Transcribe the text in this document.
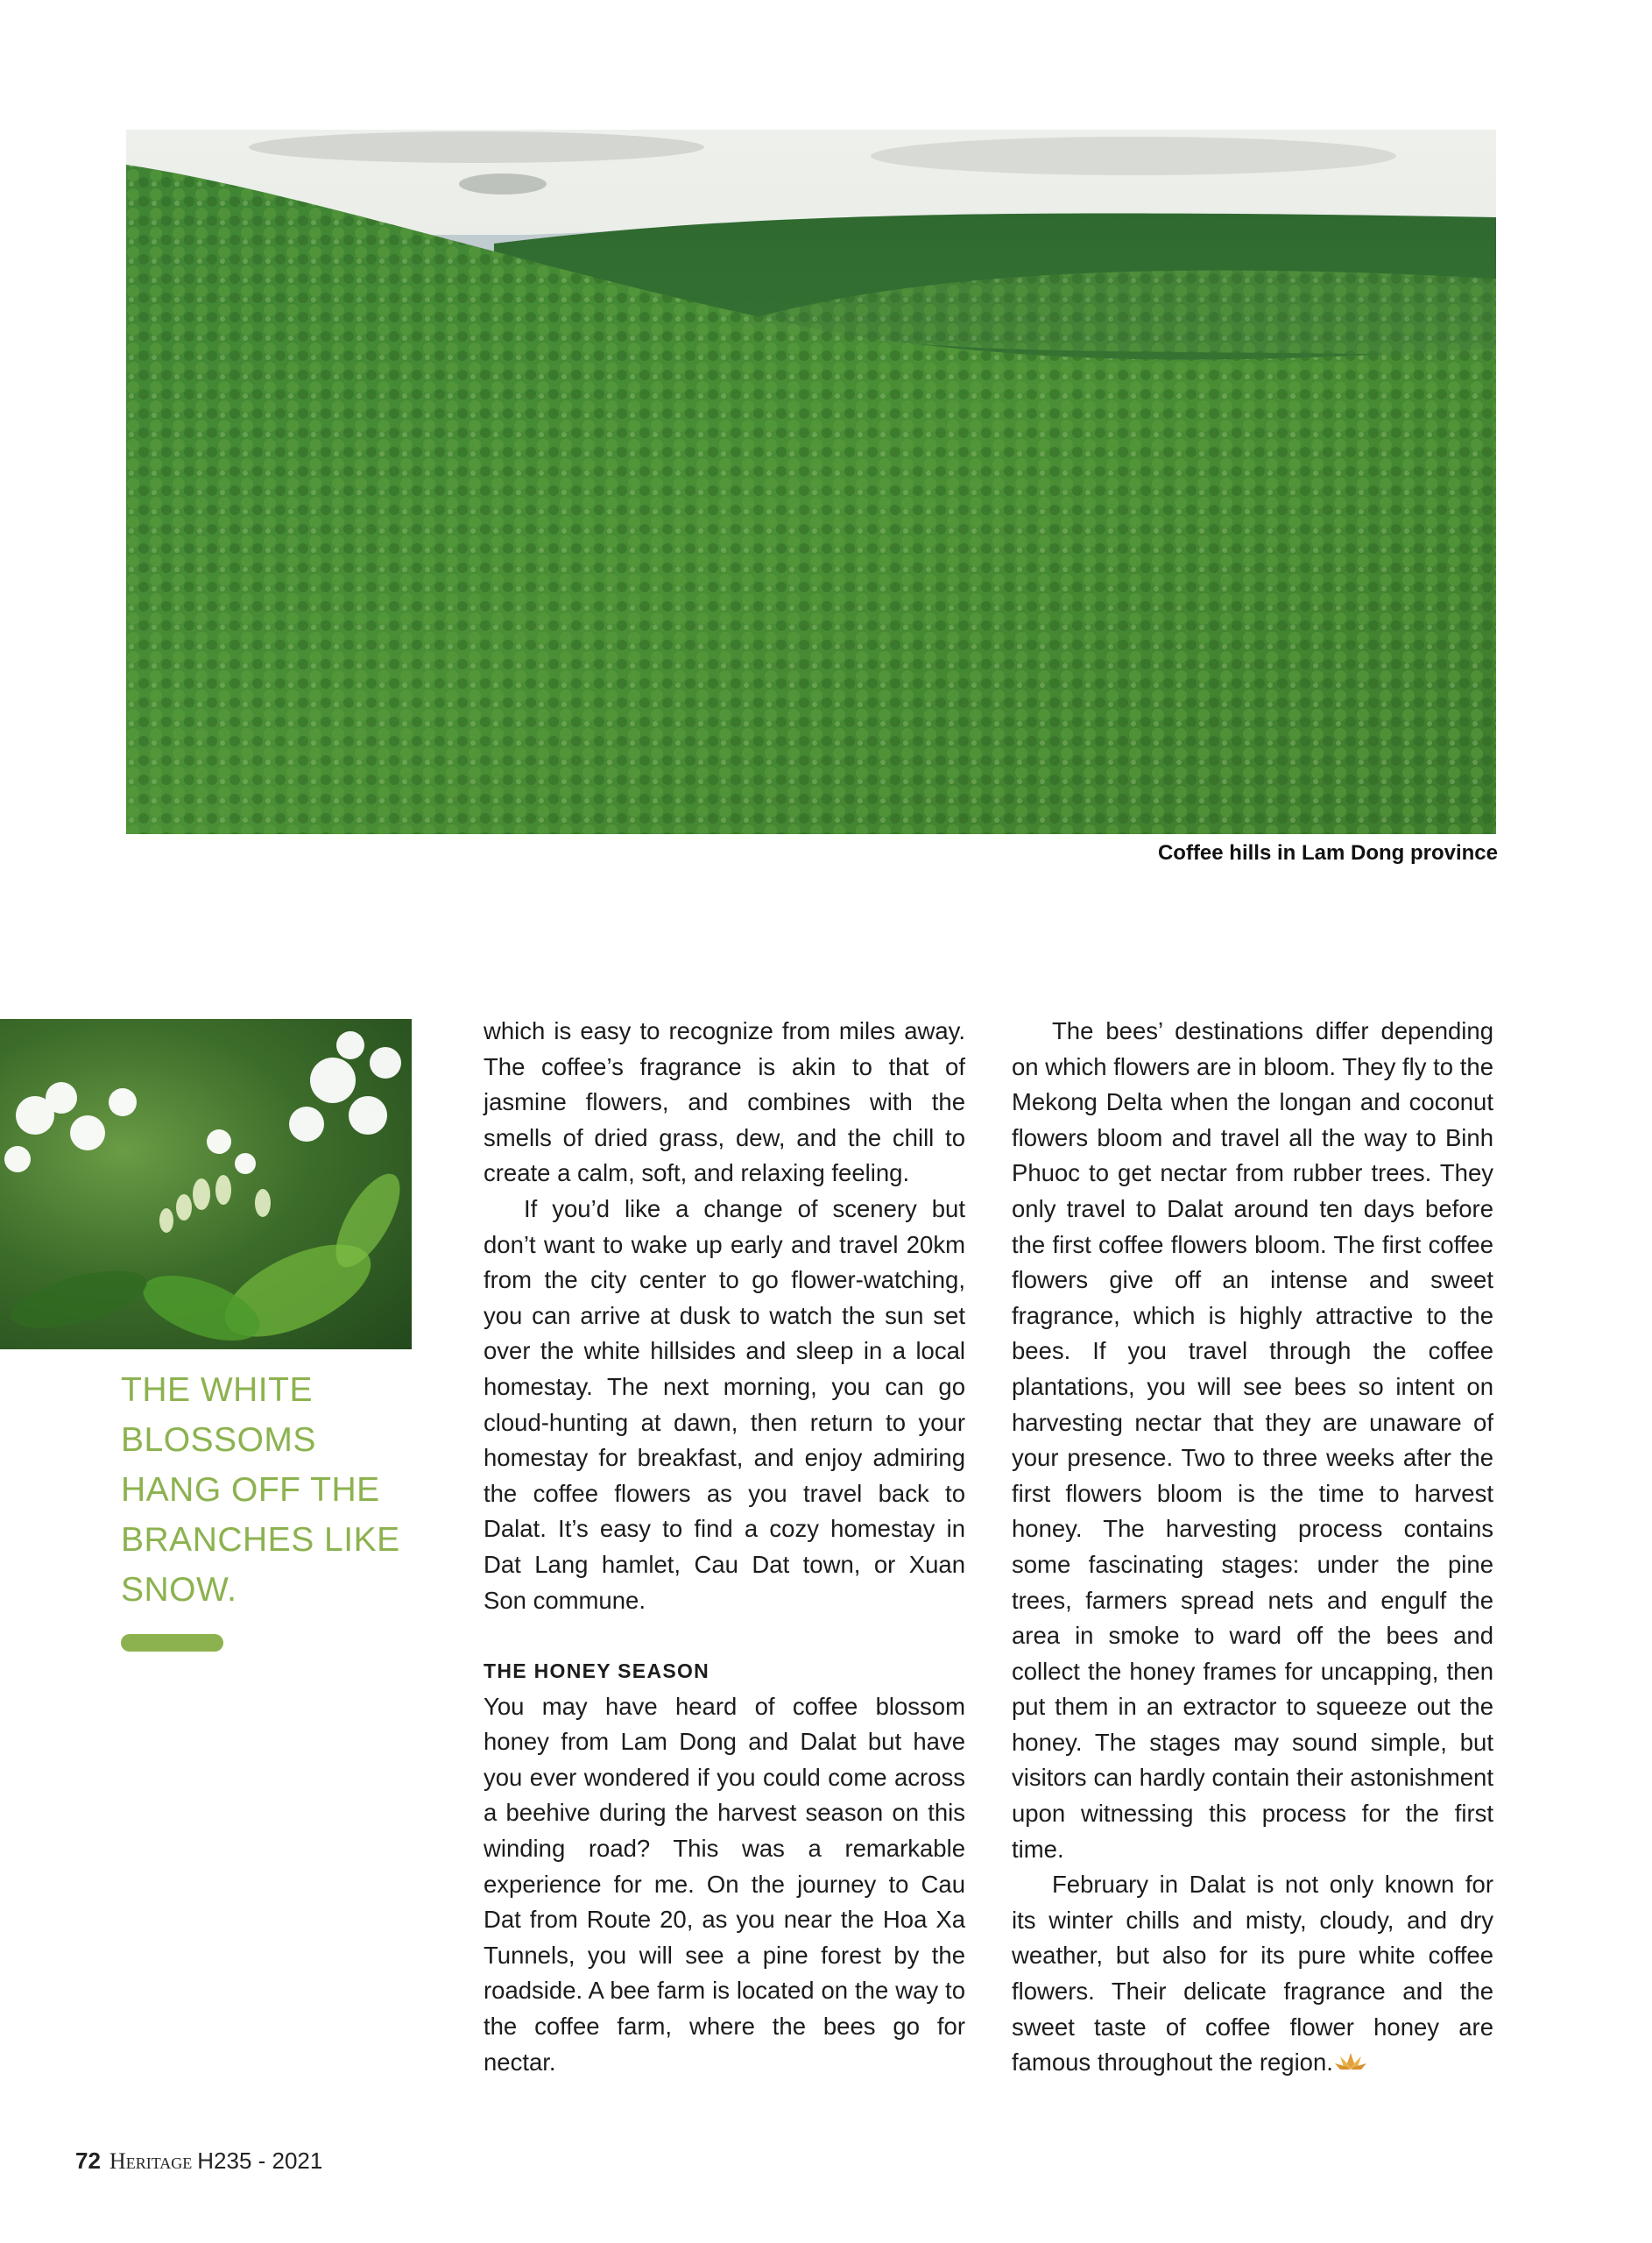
Coffee hills in Lam Dong province
THE WHITE BLOSSOMS HANG OFF THE BRANCHES LIKE SNOW.

which is easy to recognize from miles away. The coffee’s fragrance is akin to that of jasmine flowers, and combines with the smells of dried grass, dew, and the chill to create a calm, soft, and relaxing feeling.

If you’d like a change of scenery but don’t want to wake up early and travel 20km from the city center to go flower-watching, you can arrive at dusk to watch the sun set over the white hillsides and sleep in a local homestay. The next morning, you can go cloud-hunting at dawn, then return to your homestay for breakfast, and enjoy admiring the coffee flowers as you travel back to Dalat. It’s easy to find a cozy homestay in Dat Lang hamlet, Cau Dat town, or Xuan Son commune.

THE HONEY SEASON

You may have heard of coffee blossom honey from Lam Dong and Dalat but have you ever wondered if you could come across a beehive during the harvest season on this winding road? This was a remarkable experience for me. On the journey to Cau Dat from Route 20, as you near the Hoa Xa Tunnels, you will see a pine forest by the roadside. A bee farm is located on the way to the coffee farm, where the bees go for nectar.

The bees’ destinations differ depending on which flowers are in bloom. They fly to the Mekong Delta when the longan and coconut flowers bloom and travel all the way to Binh Phuoc to get nectar from rubber trees. They only travel to Dalat around ten days before the first coffee flowers bloom. The first coffee flowers give off an intense and sweet fragrance, which is highly attractive to the bees. If you travel through the coffee plantations, you will see bees so intent on harvesting nectar that they are unaware of your presence. Two to three weeks after the first flowers bloom is the time to harvest honey. The harvesting process contains some fascinating stages: under the pine trees, farmers spread nets and engulf the area in smoke to ward off the bees and collect the honey frames for uncapping, then put them in an extractor to squeeze out the honey. The stages may sound simple, but visitors can hardly contain their astonishment upon witnessing this process for the first time.

February in Dalat is not only known for its winter chills and misty, cloudy, and dry weather, but also for its pure white coffee flowers. Their delicate fragrance and the sweet taste of coffee flower honey are famous throughout the region.

72 Heritage H235 - 2021
